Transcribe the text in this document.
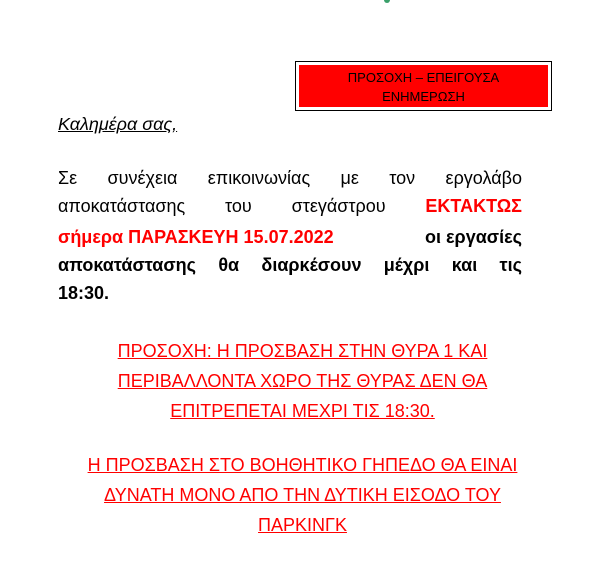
ΠΡΟΣΟΧΗ – ΕΠΕΙΓΟΥΣΑ
ΕΝΗΜΕΡΩΣΗ
Καλημέρα σας,
Σε συνέχεια επικοινωνίας με τον εργολάβο
αποκατάστασης του στεγάστρου ΕΚΤΑΚΤΩΣ
σήμερα ΠΑΡΑΣΚΕΥΗ 15.07.2022	οι εργασίες
αποκατάστασης θα διαρκέσουν μέχρι και τις
18:30.
ΠΡΟΣΟΧΗ: Η ΠΡΟΣΒΑΣΗ ΣΤΗΝ ΘΥΡΑ 1 ΚΑΙ
ΠΕΡΙΒΑΛΛΟΝΤΑ ΧΩΡΟ ΤΗΣ ΘΥΡΑΣ ΔΕΝ ΘΑ
ΕΠΙΤΡΕΠΕΤΑΙ ΜΕΧΡΙ ΤΙΣ 18:30.
Η ΠΡΟΣΒΑΣΗ ΣΤΟ ΒΟΗΘΗΤΙΚΟ ΓΗΠΕΔΟ ΘΑ ΕΙΝΑΙ
ΔΥΝΑΤΗ ΜΟΝΟ ΑΠΟ ΤΗΝ ΔΥΤΙΚΗ ΕΙΣΟΔΟ ΤΟΥ
ΠΑΡΚΙΝΓΚ
